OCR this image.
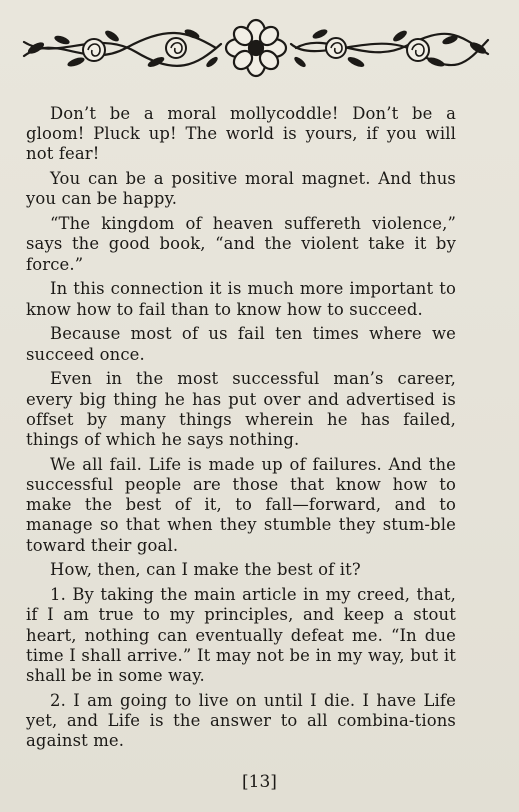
Don’t be a moral mollycoddle! Don’t be a gloom! Pluck up! The world is yours, if you will not fear!

You can be a positive moral magnet. And thus you can be happy.

“The kingdom of heaven suffereth violence,” says the good book, “and the violent take it by force.”

In this connection it is much more important to know how to fail than to know how to succeed.

Because most of us fail ten times where we succeed once.

Even in the most successful man’s career, every big thing he has put over and advertised is offset by many things wherein he has failed, things of which he says nothing.

We all fail. Life is made up of failures. And the successful people are those that know how to make the best of it, to fall—forward, and to manage so that when they stumble they stum-ble toward their goal.

How, then, can I make the best of it?

1. By taking the main article in my creed, that, if I am true to my principles, and keep a stout heart, nothing can eventually defeat me. “In due time I shall arrive.” It may not be in my way, but it shall be in some way.

2. I am going to live on until I die. I have Life yet, and Life is the answer to all combina-tions against me.

[13]
